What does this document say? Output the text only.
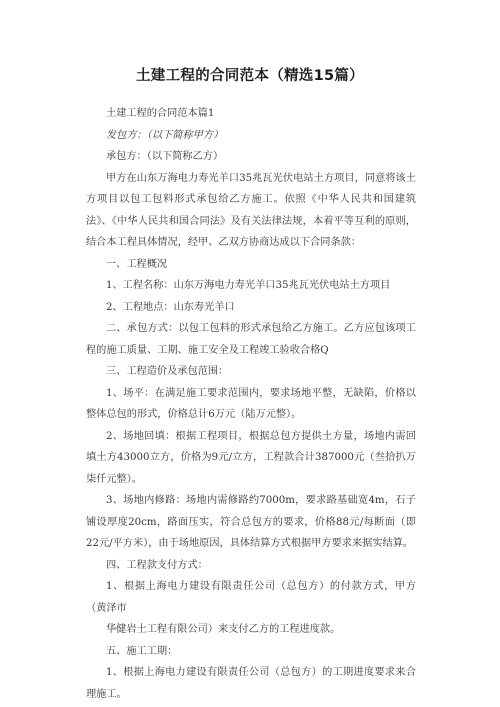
土建工程的合同范本（精选15篇）

土建工程的合同范本篇1

发包方：（以下简称甲方）

承包方：（以下简称乙方）

甲方在山东万海电力寿光羊口35兆瓦光伏电站土方项目，同意将该土方项目以包工包料形式承包给乙方施工。依照《中华人民共和国建筑法》、《中华人民共和国合同法》及有关法律法规，本着平等互利的原则，结合本工程具体情况，经甲、乙双方协商达成以下合同条款：

一、工程概况

1、工程名称：山东万海电力寿光羊口35兆瓦光伏电站土方项目

2、工程地点：山东寿光羊口

二、承包方式：以包工包料的形式承包给乙方施工。乙方应包该项工程的施工质量、工期、施工安全及工程竣工验收合格Q

三、工程造价及承包范围：

1、场平：在满足施工要求范围内，要求场地平整，无缺陷，价格以整体总包的形式，价格总计6万元（陆万元整）。

2、场地回填：根据工程项目，根据总包方提供土方量，场地内需回填土方43000立方，价格为9元/立方，工程款合计387000元（叁拾扒万柒仟元整）。

3、场地内修路：场地内需修路约7000m，要求路基础宽4m，石子铺设厚度20cm，路面压实，符合总包方的要求，价格88元/每断面（即22元/平方米），由于场地原因，具体结算方式根据甲方要求来据实结算。

四、工程款支付方式：

1、根据上海电力建设有限责任公司（总包方）的付款方式，甲方（黄泽市

华健岩土工程有限公司）来支付乙方的工程进度款。

五、施工工期：

1、根据上海电力建设有限责任公司（总包方）的工期进度要求来合理施工。
